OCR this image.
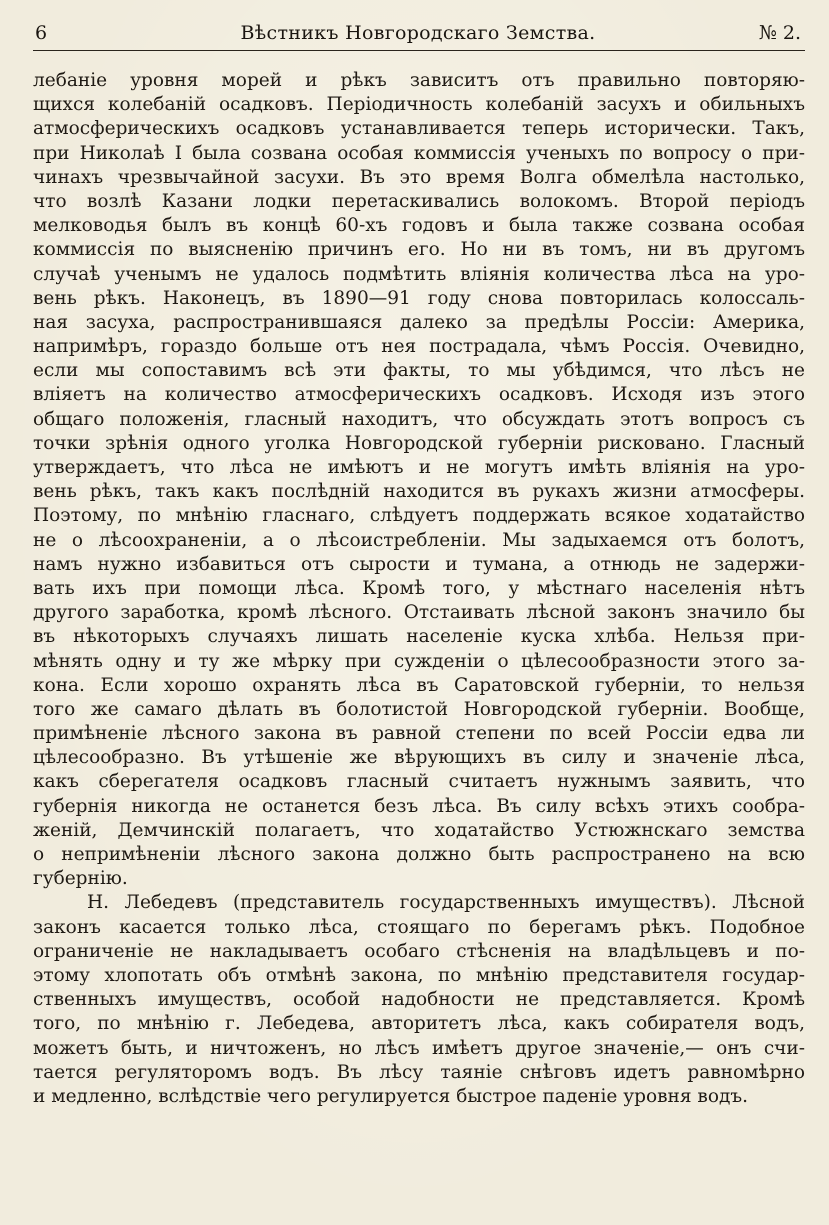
6	Вѣстникъ Новгородскаго Земства.	№ 2.
лебаніе уровня морей и рѣкъ зависитъ отъ правильно повторяю-
щихся колебаній осадковъ. Періодичность колебаній засухъ и обильныхъ
атмосферическихъ осадковъ устанавливается теперь исторически. Такъ,
при Николаѣ I была созвана особая коммиссія ученыхъ по вопросу о при-
чинахъ чрезвычайной засухи. Въ это время Волга обмелѣла настолько,
что возлѣ Казани лодки перетаскивались волокомъ. Второй періодъ
мелководья былъ въ концѣ 60-хъ годовъ и была также созвана особая
коммиссія по выясненію причинъ его. Но ни въ томъ, ни въ другомъ
случаѣ ученымъ не удалось подмѣтить вліянія количества лѣса на уро-
вень рѣкъ. Наконецъ, въ 1890—91 году снова повторилась колоссаль-
ная засуха, распространившаяся далеко за предѣлы Россіи: Америка,
напримѣръ, гораздо больше отъ нея пострадала, чѣмъ Россія. Очевидно,
если мы сопоставимъ всѣ эти факты, то мы убѣдимся, что лѣсъ не
вліяетъ на количество атмосферическихъ осадковъ. Исходя изъ этого
общаго положенія, гласный находитъ, что обсуждать этотъ вопросъ съ
точки зрѣнія одного уголка Новгородской губерніи рисковано. Гласный
утверждаетъ, что лѣса не имѣютъ и не могутъ имѣть вліянія на уро-
вень рѣкъ, такъ какъ послѣдній находится въ рукахъ жизни атмосферы.
Поэтому, по мнѣнію гласнаго, слѣдуетъ поддержать всякое ходатайство
не о лѣсоохраненіи, а о лѣсоистребленіи. Мы задыхаемся отъ болотъ,
намъ нужно избавиться отъ сырости и тумана, а отнюдь не задержи-
вать ихъ при помощи лѣса. Кромѣ того, у мѣстнаго населенія нѣтъ
другого заработка, кромѣ лѣсного. Отстаивать лѣсной законъ значило бы
въ нѣкоторыхъ случаяхъ лишать населеніе куска хлѣба. Нельзя при-
мѣнять одну и ту же мѣрку при сужденіи о цѣлесообразности этого за-
кона. Если хорошо охранять лѣса въ Саратовской губерніи, то нельзя
того же самаго дѣлать въ болотистой Новгородской губерніи. Вообще,
примѣненіе лѣсного закона въ равной степени по всей Россіи едва ли
цѣлесообразно. Въ утѣшеніе же вѣрующихъ въ силу и значеніе лѣса,
какъ сберегателя осадковъ гласный считаетъ нужнымъ заявить, что
губернія никогда не останется безъ лѣса. Въ силу всѣхъ этихъ сообра-
женій, Демчинскій полагаетъ, что ходатайство Устюжнскаго земства
о непримѣненіи лѣсного закона должно быть распространено на всю
губернію.
Н. Лебедевъ (представитель государственныхъ имуществъ). Лѣсной
законъ касается только лѣса, стоящаго по берегамъ рѣкъ. Подобное
ограниченіе не накладываетъ особаго стѣсненія на владѣльцевъ и по-
этому хлопотать объ отмѣнѣ закона, по мнѣнію представителя государ-
ственныхъ имуществъ, особой надобности не представляется. Кромѣ
того, по мнѣнію г. Лебедева, авторитетъ лѣса, какъ собирателя водъ,
можетъ быть, и ничтоженъ, но лѣсъ имѣетъ другое значеніе,— онъ счи-
тается регуляторомъ водъ. Въ лѣсу таяніе снѣговъ идетъ равномѣрно
и медленно, вслѣдствіе чего регулируется быстрое паденіе уровня водъ.
